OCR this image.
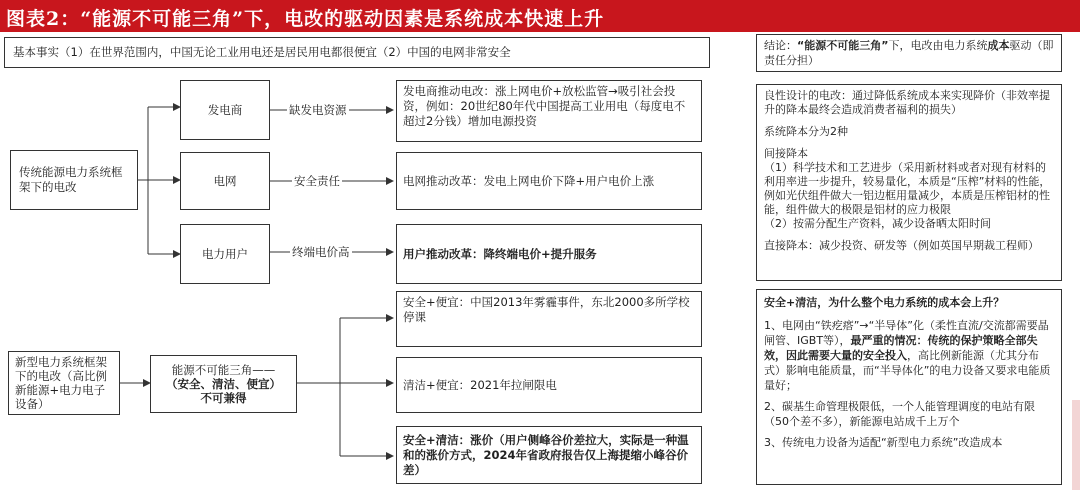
图表2：“能源不可能三角”下，电改的驱动因素是系统成本快速上升
基本事实（1）在世界范围内，中国无论工业用电还是居民用电都很便宜（2）中国的电网非常安全
传统能源电力系统框架下的电改
新型电力系统框架下的电改（高比例新能源+电力电子设备）
发电商
电网
电力用户
缺发电资源
安全责任
终端电价高
发电商推动电改：涨上网电价+放松监管→吸引社会投资，例如：20世纪80年代中国提高工业用电（每度电不超过2分钱）增加电源投资
电网推动改革：发电上网电价下降+用户电价上涨
用户推动改革：降终端电价+提升服务
能源不可能三角——
（安全、清洁、便宜）
不可兼得
安全+便宜：中国2013年雾霾事件，东北2000多所学校停课
清洁+便宜：2021年拉闸限电
安全+清洁：涨价（用户侧峰谷价差拉大，实际是一种温和的涨价方式，2024年省政府报告仅上海提缩小峰谷价差）
结论：“能源不可能三角”下，电改由电力系统成本驱动（即责任分担）

良性设计的电改：通过降低系统成本来实现降价（非效率提升的降本最终会造成消费者福利的损失）

系统降本分为2种

间接降本

（1）科学技术和工艺进步（采用新材料或者对现有材料的利用率进一步提升，较易量化，本质是“压榨”材料的性能，例如光伏组件做大一铝边框用量减少，本质是压榨铝材的性能，组件做大的极限是铝材的应力极限

（2）按需分配生产资料，减少设备晒太阳时间

直接降本：减少投资、研发等（例如英国早期裁工程师）

安全+清洁，为什么整个电力系统的成本会上升？

1、电网由“铁疙瘩”→“半导体”化（柔性直流/交流都需要晶闸管、IGBT等），最严重的情况：传统的保护策略全部失效，因此需要大量的安全投入，高比例新能源（尤其分布式）影响电能质量，而“半导体化”的电力设备又要求电能质量好；

2、碳基生命管理极限低，一个人能管理调度的电站有限（50个差不多），新能源电站成千上万个

3、传统电力设备为适配“新型电力系统”改造成本
